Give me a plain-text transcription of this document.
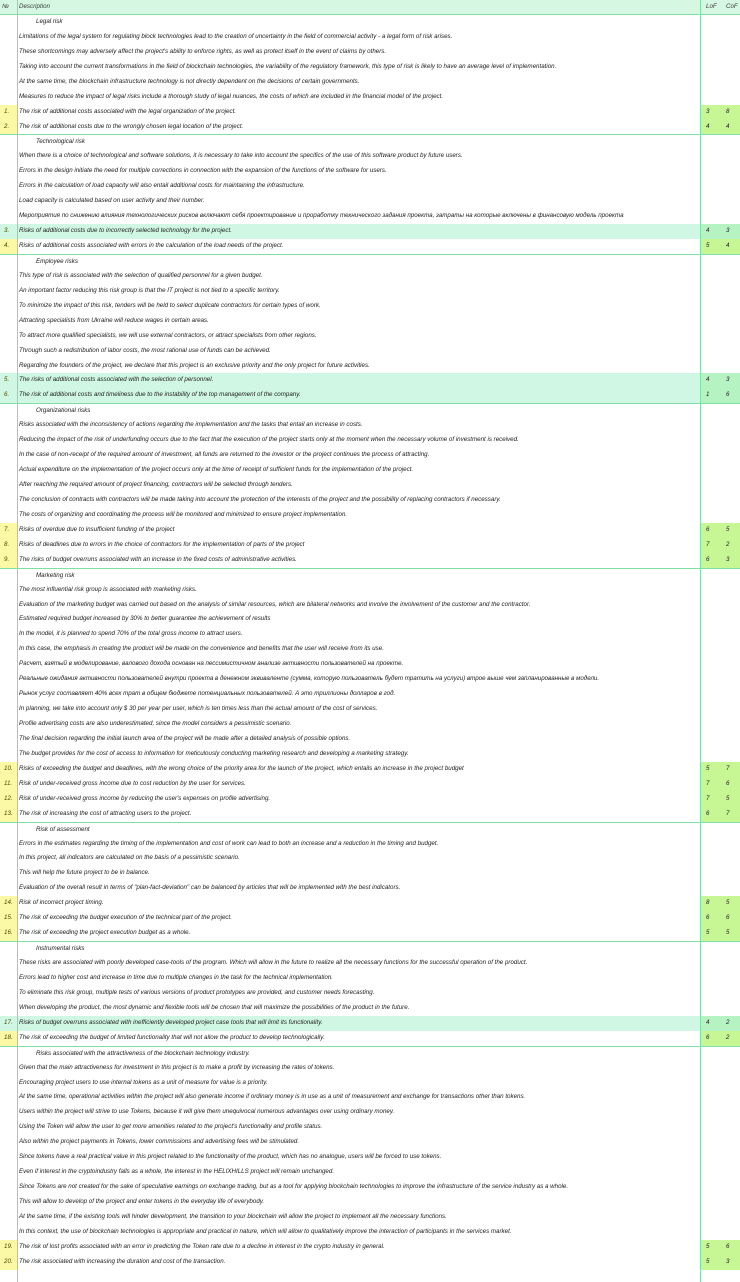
№	Description	LoF	CoF
Legal risk
Limitations of the legal system for regulating block technologies lead to the creation of uncertainty in the field of commercial activity - a legal form of risk arises.
These shortcomings may adversely affect the project's ability to enforce rights, as well as protect itself in the event of claims by others.
Taking into account the current transformations in the field of blockchain technologies, the variability of the regulatory framework, this type of risk is likely to have an average level of implementation.
At the same time, the blockchain infrastructure technology is not directly dependent on the decisions of certain governments.
Measures to reduce the impact of legal risks include a thorough study of legal nuances, the costs of which are included in the financial model of the project.
1.	The risk of additional costs associated with the legal organization of the project.	3	8
2.	The risk of additional costs due to the wrongly chosen legal location of the project.	4	4
Technological risk
When there is a choice of technological and software solutions, it is necessary to take into account the specifics of the use of this software product by future users.
Errors in the design initiate the need for multiple corrections in connection with the expansion of the functions of the software for users.
Errors in the calculation of load capacity will also entail additional costs for maintaining the infrastructure.
Load capacity is calculated based on user activity and their number.
Мероприятия по снижению влияния технологических рисков включают себя проектирование и проработку технического задания проекта, затраты на которые включены в финансовую модель проекта
3.	Risks of additional costs due to incorrectly selected technology for the project.	4	3
4.	Risks of additional costs associated with errors in the calculation of the load needs of the project.	5	4
Employee risks
This type of risk is associated with the selection of qualified personnel for a given budget.
An important factor reducing this risk group is that the IT project is not tied to a specific territory.
To minimize the impact of this risk, tenders will be held to select duplicate contractors for certain types of work.
Attracting specialists from Ukraine will reduce wages in certain areas.
To attract more qualified specialists, we will use external contractors, or attract specialists from other regions.
Through such a redistribution of labor costs, the most rational use of funds can be achieved.
Regarding the founders of the project, we declare that this project is an exclusive priority and the only project for future activities.
5.	The risks of additional costs associated with the selection of personnel.	4	3
6.	The risk of additional costs and timeliness due to the instability of the top management of the company.	1	6
Organizational risks
Risks associated with the inconsistency of actions regarding the implementation and the tasks that entail an increase in costs.
Reducing the impact of the risk of underfunding occurs due to the fact that the execution of the project starts only at the moment when the necessary volume of investment is received.
In the case of non-receipt of the required amount of investment, all funds are returned to the investor or the project continues the process of attracting.
Actual expenditure on the implementation of the project occurs only at the time of receipt of sufficient funds for the implementation of the project.
After reaching the required amount of project financing, contractors will be selected through tenders.
The conclusion of contracts with contractors will be made taking into account the protection of the interests of the project and the possibility of replacing contractors if necessary.
The costs of organizing and coordinating the process will be monitored and minimized to ensure project implementation.
7.	Risks of overdue due to insufficient funding of the project	6	5
8.	Risks of deadlines due to errors in the choice of contractors for the implementation of parts of the project	7	2
9.	The risks of budget overruns associated with an increase in the fixed costs of administrative activities.	6	3
Marketing risk
The most influential risk group is associated with marketing risks.
Evaluation of the marketing budget was carried out based on the analysis of similar resources, which are bilateral networks and involve the involvement of the customer and the contractor.
Estimated required budget increased by 30% to better guarantee the achievement of results
In the model, it is planned to spend 70% of the total gross income to attract users.
In this case, the emphasis in creating the product will be made on the convenience and benefits that the user will receive from its use.
Расчет, взятый в моделирование, валового дохода основан на пессимистичном анализе активности пользователей на проекте.
Реальные ожидания активности пользователей внутри проекта в денежном эквиваленте (сумма, которую пользователь будет тратить на услуги) втрое выше чем запланированные в модели.
Рынок услуг составляет 40% всех трат в общем бюджете потенциальных пользователей. А это триллионы долларов в год.
In planning, we take into account only $ 30 per year per user, which is ten times less than the actual amount of the cost of services.
Profile advertising costs are also underestimated, since the model considers a pessimistic scenario.
The final decision regarding the initial launch area of the project will be made after a detailed analysis of possible options.
The budget provides for the cost of access to information for meticulously conducting marketing research and developing a marketing strategy.
10.	Risks of exceeding the budget and deadlines, with the wrong choice of the priority area for the launch of the project, which entails an increase in the project budget	5	7
11.	Risk of under-received gross income due to cost reduction by the user for services.	7	6
12.	Risk of under-received gross income by reducing the user's expenses on profile advertising.	7	5
13.	The risk of increasing the cost of attracting users to the project.	6	7
Risk of assessment
Errors in the estimates regarding the timing of the implementation and cost of work can lead to both an increase and a reduction in the timing and budget.
In this project, all indicators are calculated on the basis of a pessimistic scenario.
This will help the future project to be in balance.
Evaluation of the overall result in terms of "plan-fact-deviation" can be balanced by articles that will be implemented with the best indicators.
14.	Risk of incorrect project timing.	8	5
15.	The risk of exceeding the budget execution of the technical part of the project.	6	6
16.	The risk of exceeding the project execution budget as a whole.	5	5
Instrumental risks
These risks are associated with poorly developed case-tools of the program. Which will allow in the future to realize all the necessary functions for the successful operation of the product.
Errors lead to higher cost and increase in time due to multiple changes in the task for the technical implementation.
To eliminate this risk group, multiple tests of various versions of product prototypes are provided, and customer needs forecasting.
When developing the product, the most dynamic and flexible tools will be chosen that will maximize the possibilities of the product in the future.
17.	Risks of budget overruns associated with inefficiently developed project case tools that will limit its functionality.	4	2
18.	The risk of exceeding the budget of limited functionality that will not allow the product to develop technologically.	6	2
Risks associated with the attractiveness of the blockchain technology industry.
Given that the main attractiveness for investment in this project is to make a profit by increasing the rates of tokens.
Encouraging project users to use internal tokens as a unit of measure for value is a priority.
At the same time, operational activities within the project will also generate income if ordinary money is in use as a unit of measurement and exchange for transactions other than tokens.
Users within the project will strive to use Tokens, because it will give them unequivocal numerous advantages over using ordinary money.
Using the Token will allow the user to get more amenities related to the project's functionality and profile status.
Also within the project payments in Tokens, lower commissions and advertising fees will be stimulated.
Since tokens have a real practical value in this project related to the functionality of the product, which has no analogue, users will be forced to use tokens.
Even if interest in the cryptoindustry falls as a whole, the interest in the HELIXHILLS project will remain unchanged.
Since Tokens are not created for the sake of speculative earnings on exchange trading, but as a tool for applying blockchain technologies to improve the infrastructure of the service industry as a whole.
This will allow to develop of the project and enter tokens in the everyday life of everybody.
At the same time, if the existing tools will hinder development, the transition to your blockchain will allow the project to implement all the necessary functions.
In this context, the use of blockchain technologies is appropriate and practical in nature, which will allow to qualitatively improve the interaction of participants in the services market.
19.	The risk of lost profits associated with an error in predicting the Token rate due to a decline in interest in the crypto industry in general.	5	6
20.	The risk associated with increasing the duration and cost of the transaction.	5	3
